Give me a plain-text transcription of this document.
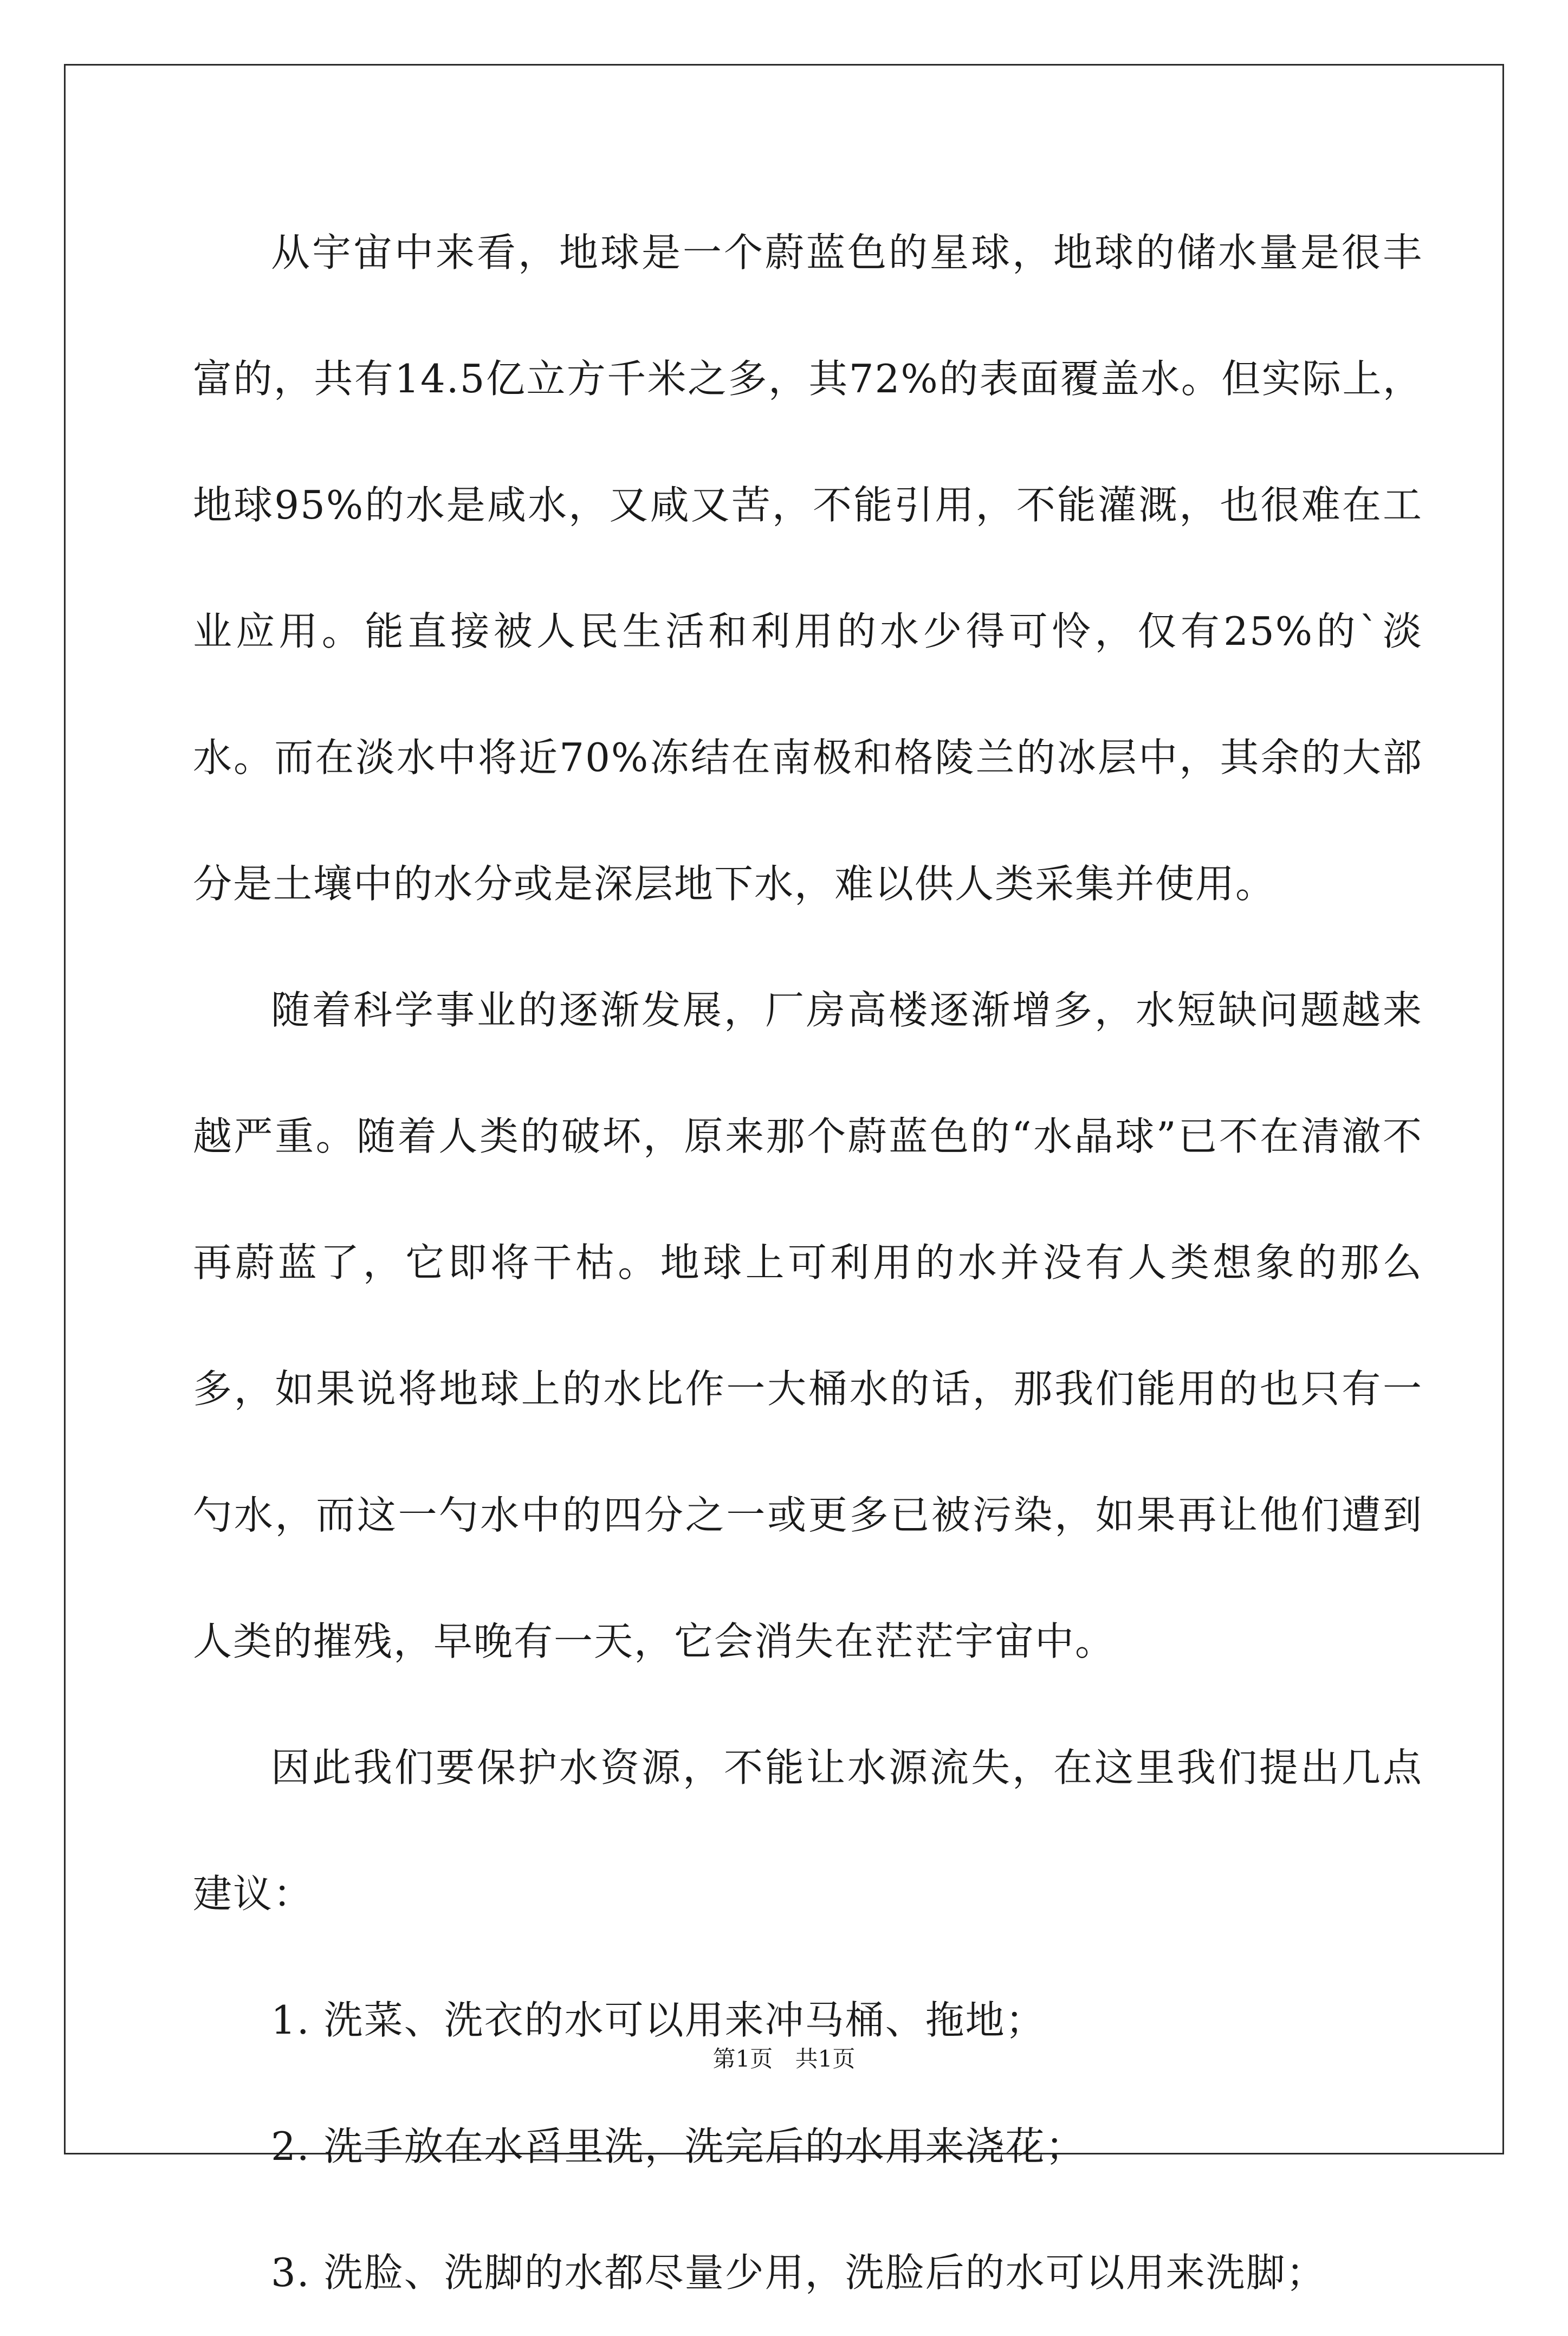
从宇宙中来看，地球是一个蔚蓝色的星球，地球的储水量是很丰富的，共有14.5亿立方千米之多，其72%的表面覆盖水。但实际上，地球95%的水是咸水，又咸又苦，不能引用，不能灌溉，也很难在工业应用。能直接被人民生活和利用的水少得可怜，仅有25%的`淡水。而在淡水中将近70%冻结在南极和格陵兰的冰层中，其余的大部分是土壤中的水分或是深层地下水，难以供人类采集并使用。

随着科学事业的逐渐发展，厂房高楼逐渐增多，水短缺问题越来越严重。随着人类的破坏，原来那个蔚蓝色的“水晶球”已不在清澈不再蔚蓝了，它即将干枯。地球上可利用的水并没有人类想象的那么多，如果说将地球上的水比作一大桶水的话，那我们能用的也只有一勺水，而这一勺水中的四分之一或更多已被污染，如果再让他们遭到人类的摧残，早晚有一天，它会消失在茫茫宇宙中。

因此我们要保护水资源，不能让水源流失，在这里我们提出几点建议：

1. 洗菜、洗衣的水可以用来冲马桶、拖地；

2. 洗手放在水舀里洗，洗完后的水用来浇花；

3. 洗脸、洗脚的水都尽量少用，洗脸后的水可以用来洗脚；

第1页 共1页
